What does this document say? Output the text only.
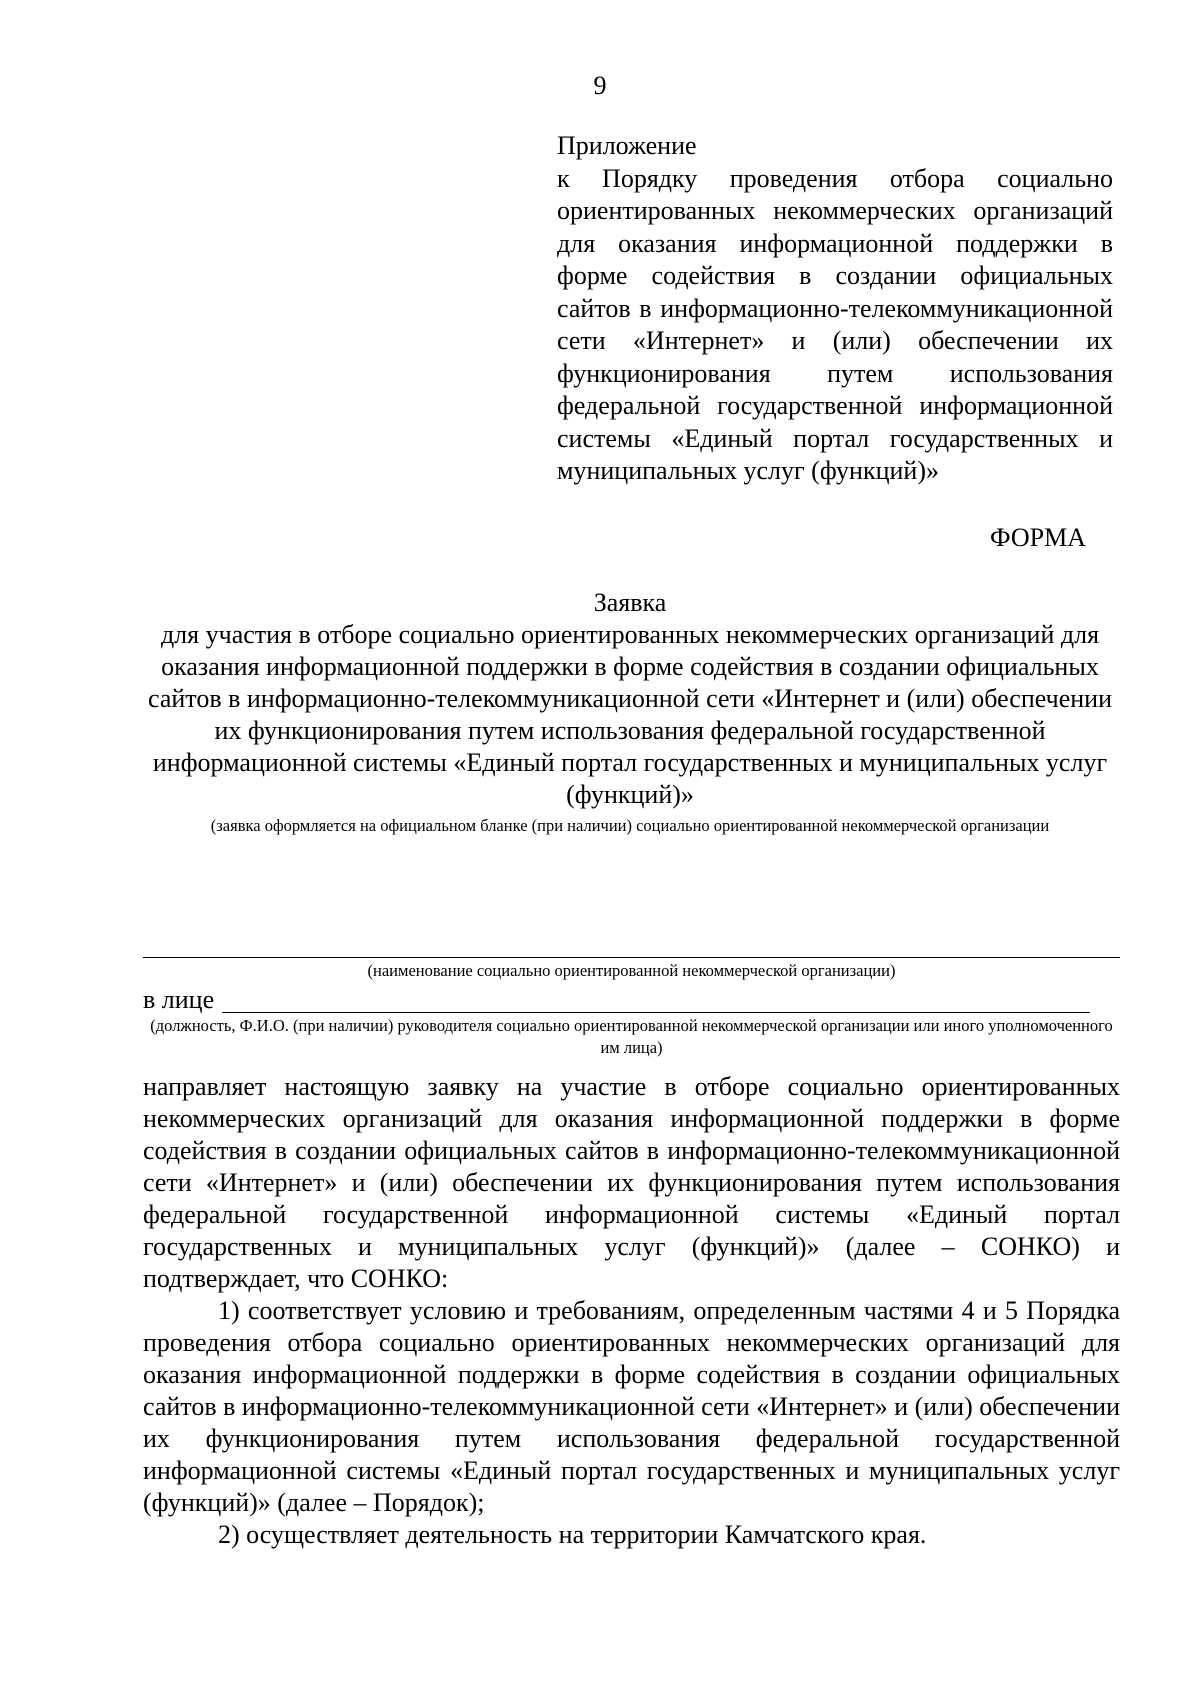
9
Приложение
к Порядку проведения отбора социально ориентированных некоммерческих организаций для оказания информационной поддержки в форме содействия в создании официальных сайтов в информационно-телекоммуникационной сети «Интернет» и (или) обеспечении их функционирования путем использования федеральной государственной информационной системы «Единый портал государственных и муниципальных услуг (функций)»
ФОРМА
Заявка
для участия в отборе социально ориентированных некоммерческих организаций для оказания информационной поддержки в форме содействия в создании официальных сайтов в информационно-телекоммуникационной сети «Интернет и (или) обеспечении их функционирования путем использования федеральной государственной информационной системы «Единый портал государственных и муниципальных услуг (функций)»
(заявка оформляется на официальном бланке (при наличии) социально ориентированной некоммерческой организации
(наименование социально ориентированной некоммерческой организации)
в лице
(должность, Ф.И.О. (при наличии) руководителя социально ориентированной некоммерческой организации или иного уполномоченного им лица)

направляет настоящую заявку на участие в отборе социально ориентированных некоммерческих организаций для оказания информационной поддержки в форме содействия в создании официальных сайтов в информационно-телекоммуникационной сети «Интернет» и (или) обеспечении их функционирования путем использования федеральной государственной информационной системы «Единый портал государственных и муниципальных услуг (функций)» (далее – СОНКО) и подтверждает, что СОНКО:

1) соответствует условию и требованиям, определенным частями 4 и 5 Порядка проведения отбора социально ориентированных некоммерческих организаций для оказания информационной поддержки в форме содействия в создании официальных сайтов в информационно-телекоммуникационной сети «Интернет» и (или) обеспечении их функционирования путем использования федеральной государственной информационной системы «Единый портал государственных и муниципальных услуг (функций)» (далее – Порядок);

2) осуществляет деятельность на территории Камчатского края.
